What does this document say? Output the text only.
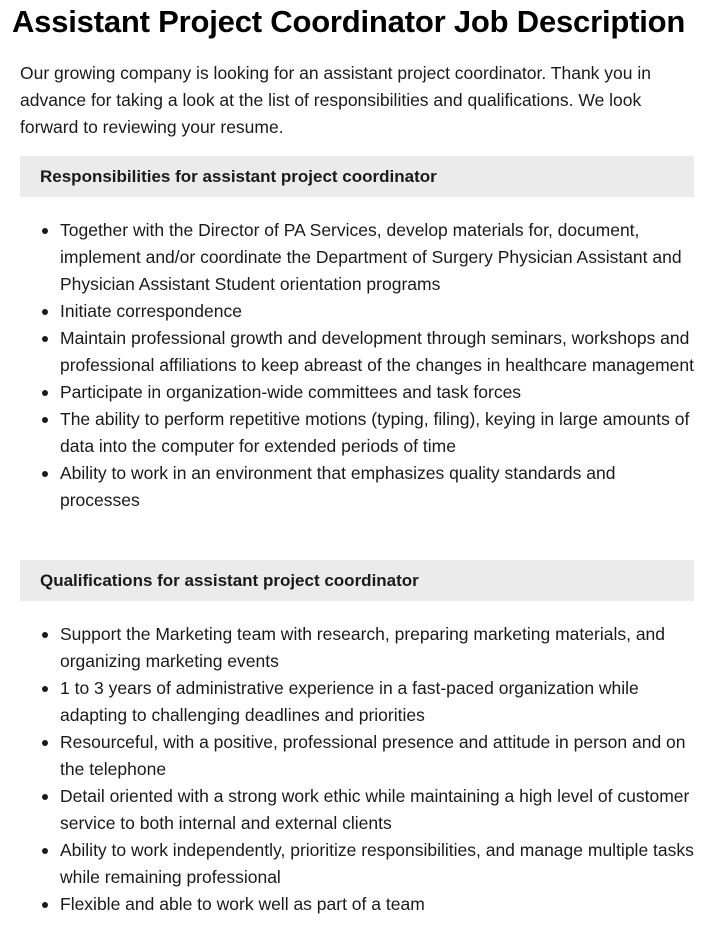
Assistant Project Coordinator Job Description

Our growing company is looking for an assistant project coordinator. Thank you in advance for taking a look at the list of responsibilities and qualifications. We look forward to reviewing your resume.

Responsibilities for assistant project coordinator
Together with the Director of PA Services, develop materials for, document, implement and/or coordinate the Department of Surgery Physician Assistant and Physician Assistant Student orientation programs
Initiate correspondence
Maintain professional growth and development through seminars, workshops and professional affiliations to keep abreast of the changes in healthcare management
Participate in organization-wide committees and task forces
The ability to perform repetitive motions (typing, filing), keying in large amounts of data into the computer for extended periods of time
Ability to work in an environment that emphasizes quality standards and processes
Qualifications for assistant project coordinator
Support the Marketing team with research, preparing marketing materials, and organizing marketing events
1 to 3 years of administrative experience in a fast-paced organization while adapting to challenging deadlines and priorities
Resourceful, with a positive, professional presence and attitude in person and on the telephone
Detail oriented with a strong work ethic while maintaining a high level of customer service to both internal and external clients
Ability to work independently, prioritize responsibilities, and manage multiple tasks while remaining professional
Flexible and able to work well as part of a team
